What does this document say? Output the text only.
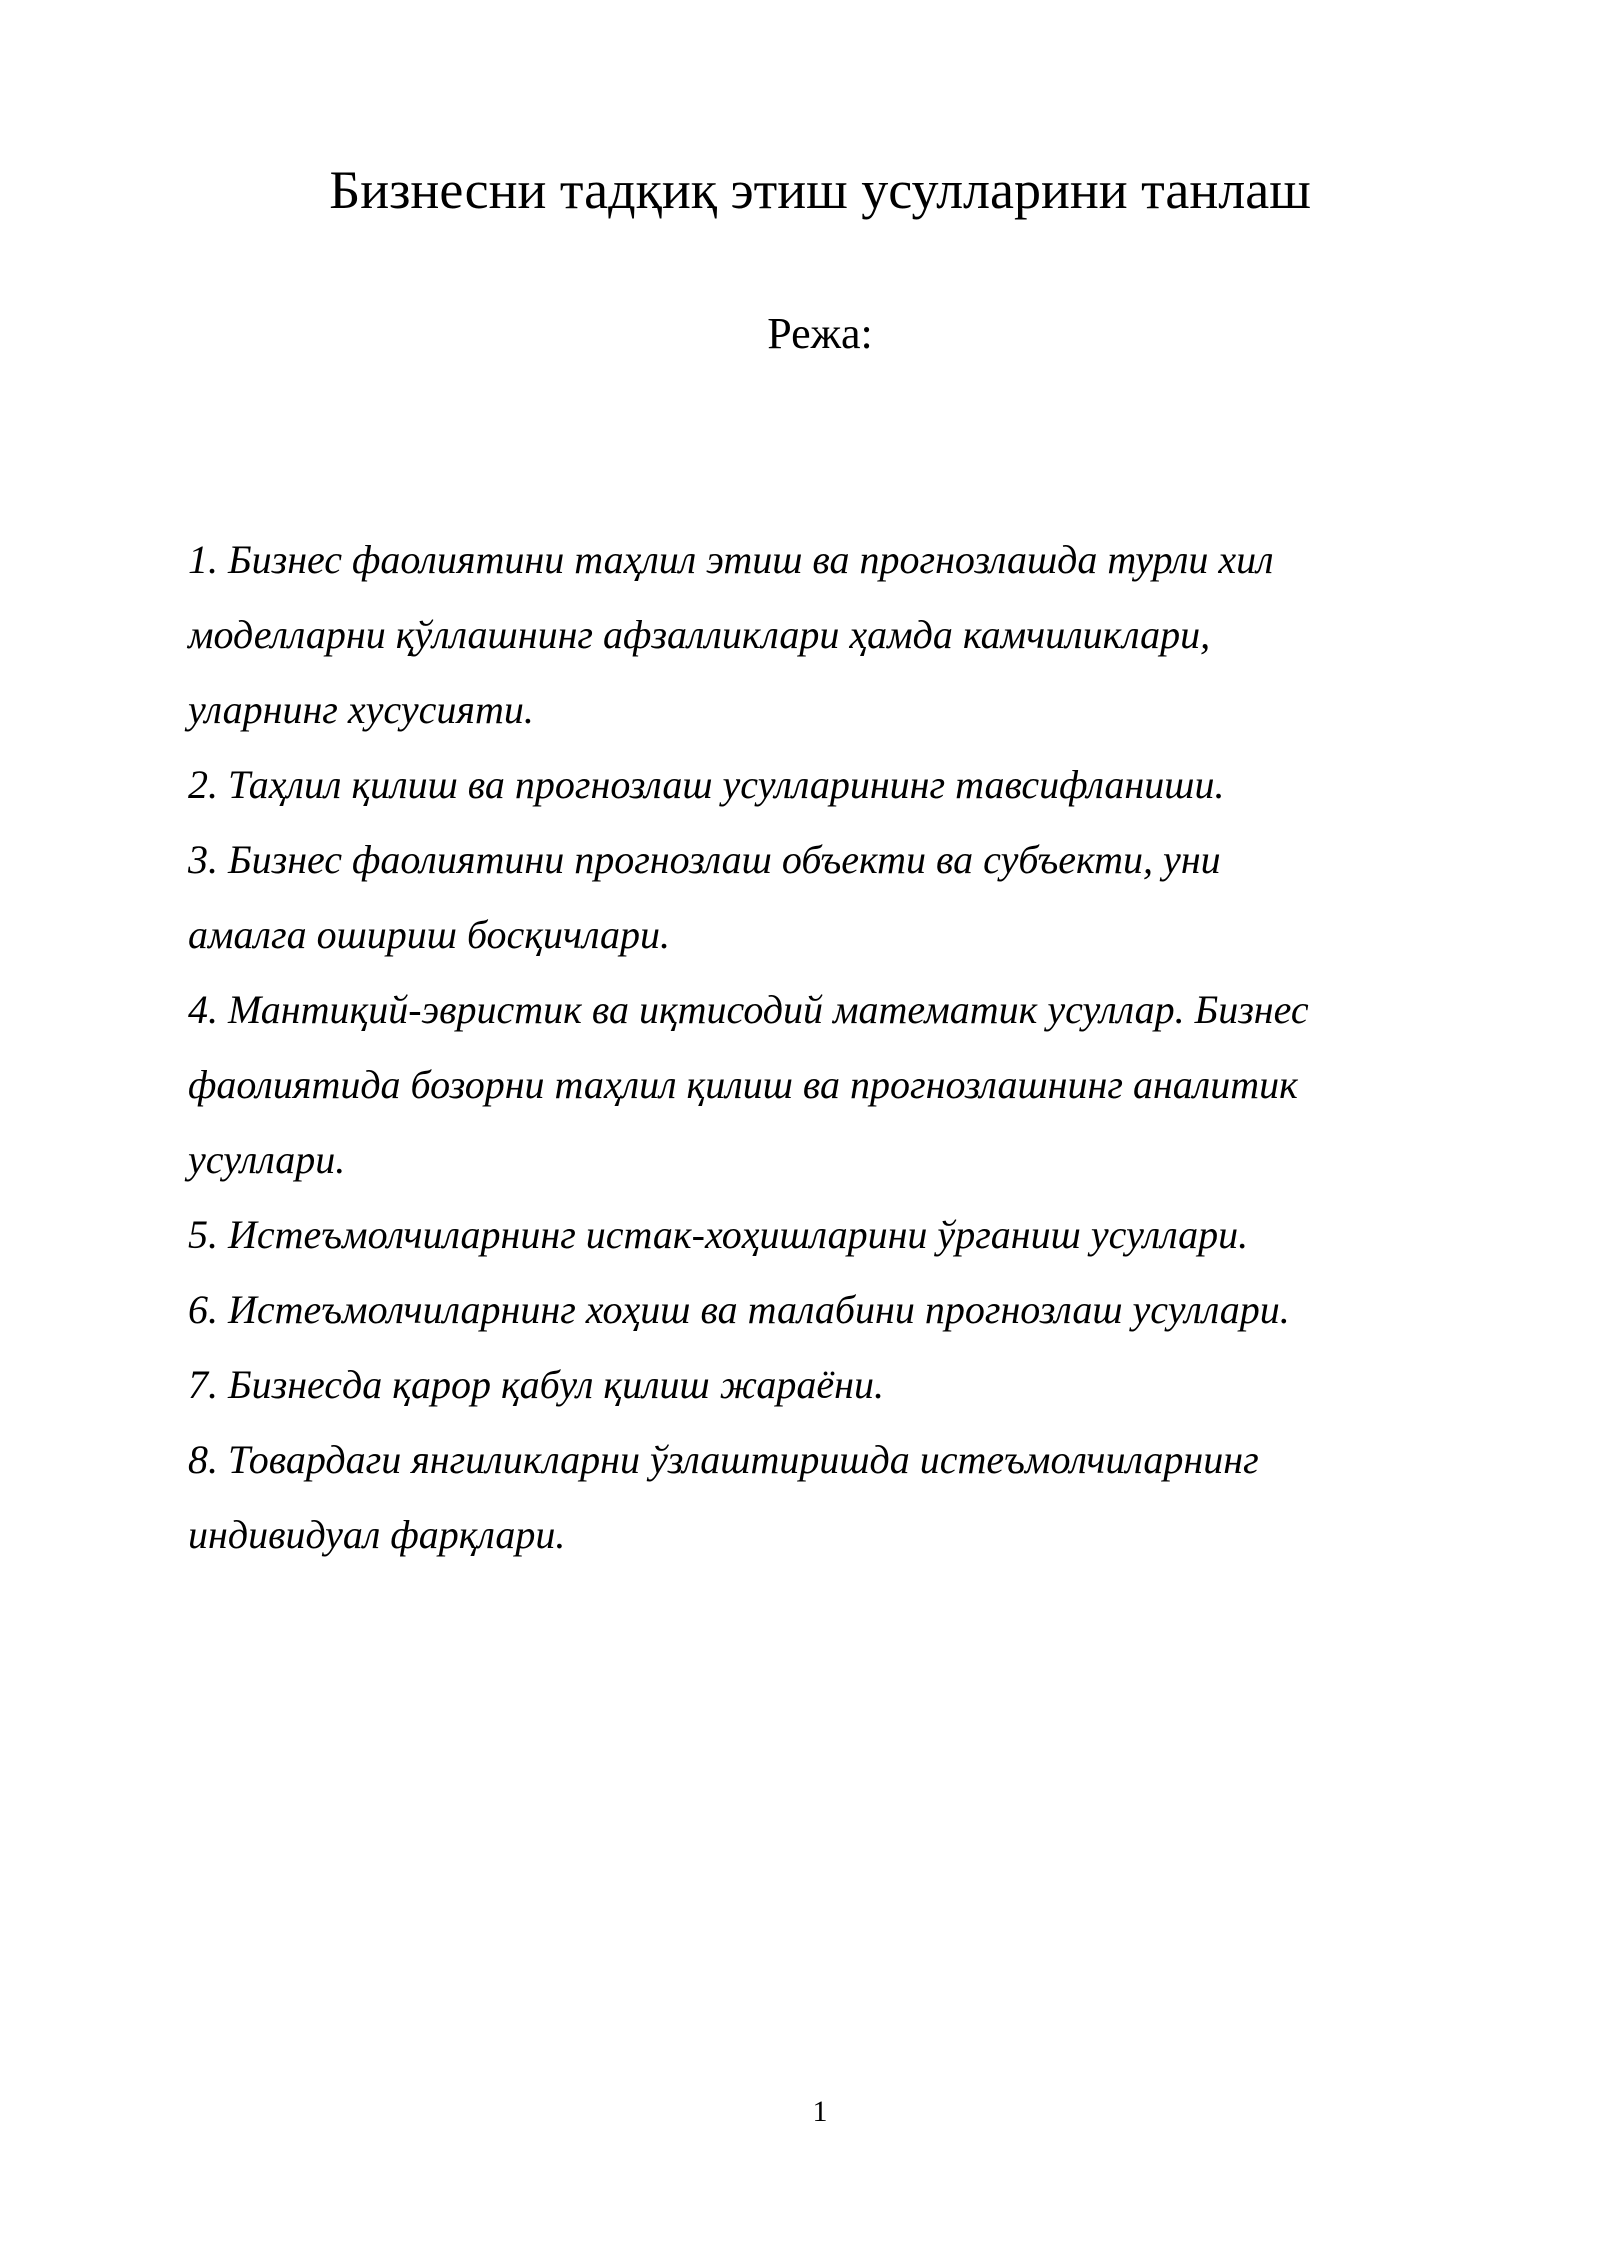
Бизнесни тадқиқ этиш усулларини танлаш
Режа:
1. Бизнес фаолиятини таҳлил этиш ва прогнозлашда турли хил
моделларни қўллашнинг афзалликлари ҳамда камчиликлари,
уларнинг хусусияти.
2. Таҳлил қилиш ва прогнозлаш усулларининг тавсифланиши.
3. Бизнес фаолиятини прогнозлаш объекти ва субъекти, уни
амалга ошириш босқичлари.
4. Мантиқий-эвристик ва иқтисодий математик усуллар. Бизнес
фаолиятида бозорни таҳлил қилиш ва прогнозлашнинг аналитик
усуллари.
5. Истеъмолчиларнинг истак-хоҳишларини ўрганиш усуллари.
6. Истеъмолчиларнинг хоҳиш ва талабини прогнозлаш усуллари.
7. Бизнесда қарор қабул қилиш жараёни.
8. Товардаги янгиликларни ўзлаштиришда истеъмолчиларнинг
индивидуал фарқлари.
1
